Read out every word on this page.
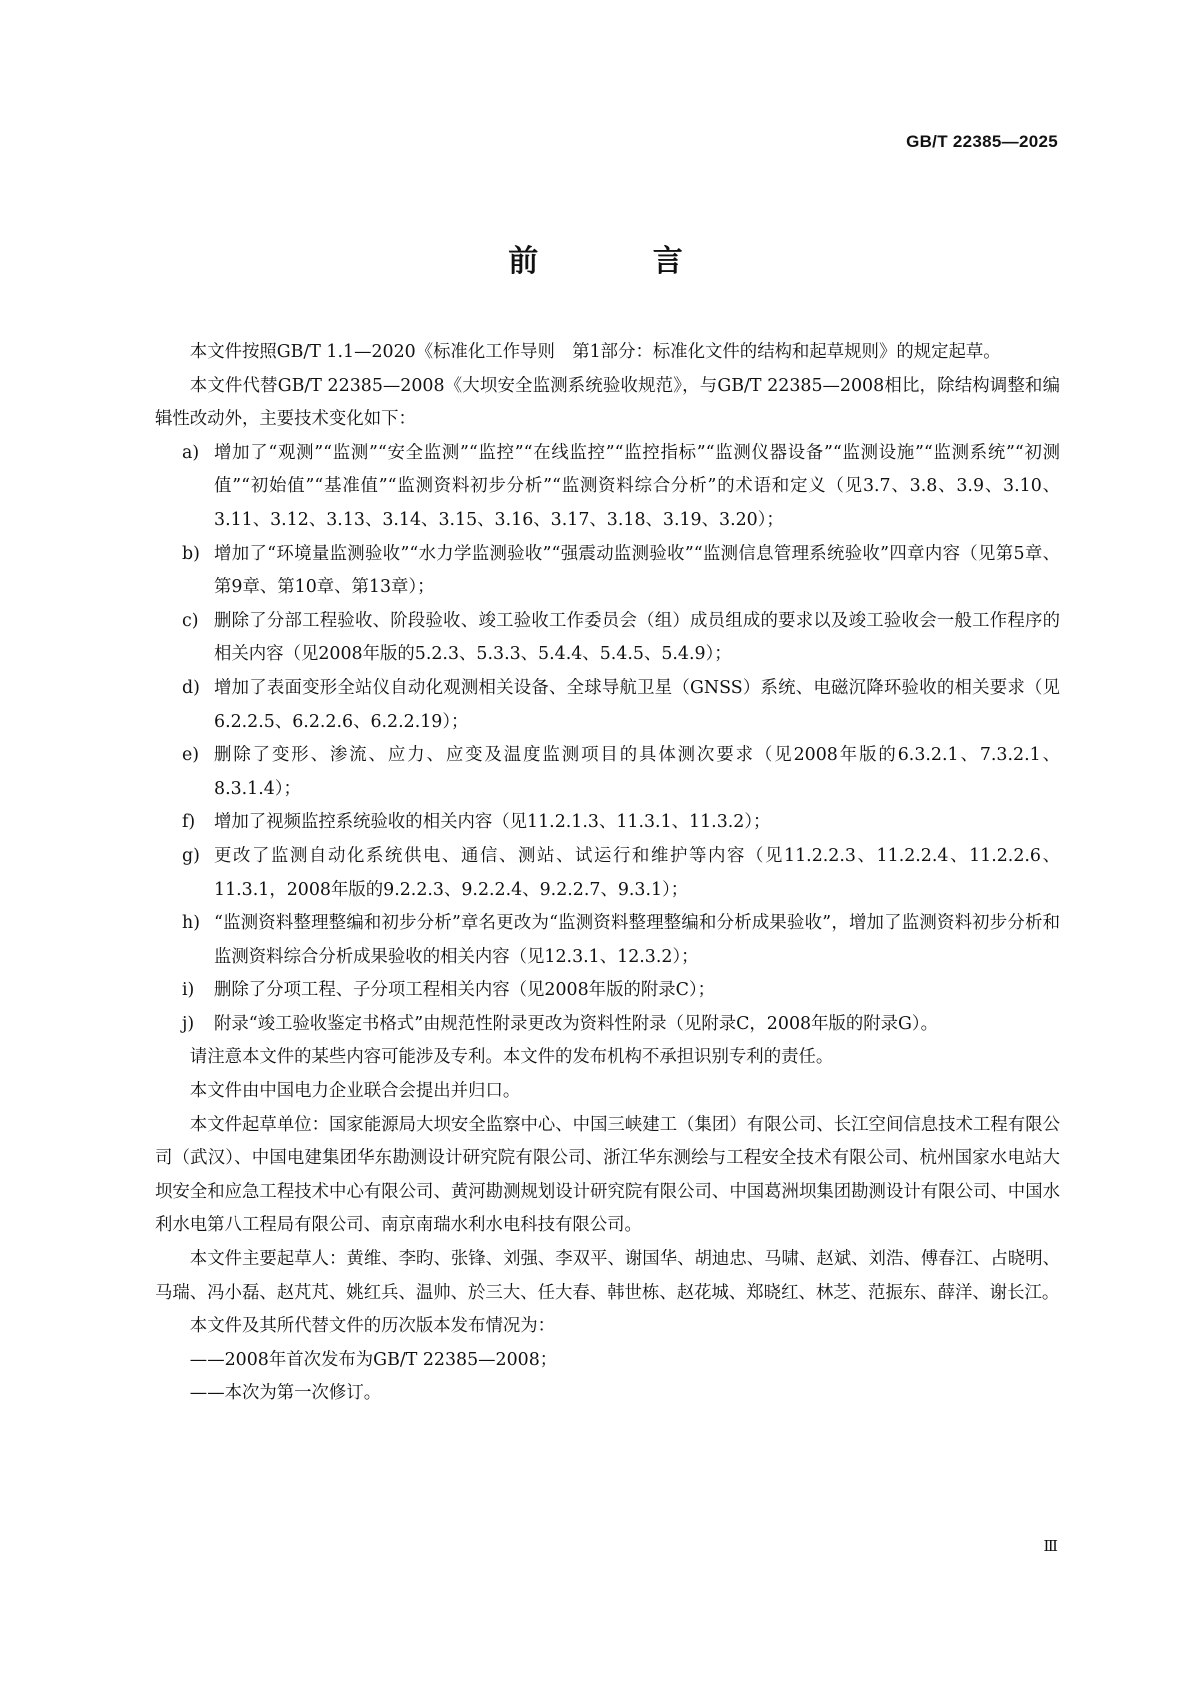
GB/T 22385—2025
前 言

本文件按照GB/T 1.1—2020《标准化工作导则　第1部分：标准化文件的结构和起草规则》的规定起草。

本文件代替GB/T 22385—2008《大坝安全监测系统验收规范》，与GB/T 22385—2008相比，除结构调整和编辑性改动外，主要技术变化如下：

a) 增加了“观测”“监测”“安全监测”“监控”“在线监控”“监控指标”“监测仪器设备”“监测设施”“监测系统”“初测值”“初始值”“基准值”“监测资料初步分析”“监测资料综合分析”的术语和定义（见3.7、3.8、3.9、3.10、3.11、3.12、3.13、3.14、3.15、3.16、3.17、3.18、3.19、3.20）；
b) 增加了“环境量监测验收”“水力学监测验收”“强震动监测验收”“监测信息管理系统验收”四章内容（见第5章、第9章、第10章、第13章）；
c) 删除了分部工程验收、阶段验收、竣工验收工作委员会（组）成员组成的要求以及竣工验收会一般工作程序的相关内容（见2008年版的5.2.3、5.3.3、5.4.4、5.4.5、5.4.9）；
d) 增加了表面变形全站仪自动化观测相关设备、全球导航卫星（GNSS）系统、电磁沉降环验收的相关要求（见6.2.2.5、6.2.2.6、6.2.2.19）；
e) 删除了变形、渗流、应力、应变及温度监测项目的具体测次要求（见2008年版的6.3.2.1、7.3.2.1、8.3.1.4）；
f) 增加了视频监控系统验收的相关内容（见11.2.1.3、11.3.1、11.3.2）；
g) 更改了监测自动化系统供电、通信、测站、试运行和维护等内容（见11.2.2.3、11.2.2.4、11.2.2.6、11.3.1，2008年版的9.2.2.3、9.2.2.4、9.2.2.7、9.3.1）；
h) “监测资料整理整编和初步分析”章名更改为“监测资料整理整编和分析成果验收”，增加了监测资料初步分析和监测资料综合分析成果验收的相关内容（见12.3.1、12.3.2）；
i) 删除了分项工程、子分项工程相关内容（见2008年版的附录C）；
j) 附录“竣工验收鉴定书格式”由规范性附录更改为资料性附录（见附录C，2008年版的附录G）。

请注意本文件的某些内容可能涉及专利。本文件的发布机构不承担识别专利的责任。

本文件由中国电力企业联合会提出并归口。

本文件起草单位：国家能源局大坝安全监察中心、中国三峡建工（集团）有限公司、长江空间信息技术工程有限公司（武汉）、中国电建集团华东勘测设计研究院有限公司、浙江华东测绘与工程安全技术有限公司、杭州国家水电站大坝安全和应急工程技术中心有限公司、黄河勘测规划设计研究院有限公司、中国葛洲坝集团勘测设计有限公司、中国水利水电第八工程局有限公司、南京南瑞水利水电科技有限公司。

本文件主要起草人：黄维、李昀、张锋、刘强、李双平、谢国华、胡迪忠、马啸、赵斌、刘浩、傅春江、占晓明、马瑞、冯小磊、赵芃芃、姚红兵、温帅、於三大、任大春、韩世栋、赵花城、郑晓红、林芝、范振东、薛洋、谢长江。

本文件及其所代替文件的历次版本发布情况为：

——2008年首次发布为GB/T 22385—2008；

——本次为第一次修订。

Ⅲ
